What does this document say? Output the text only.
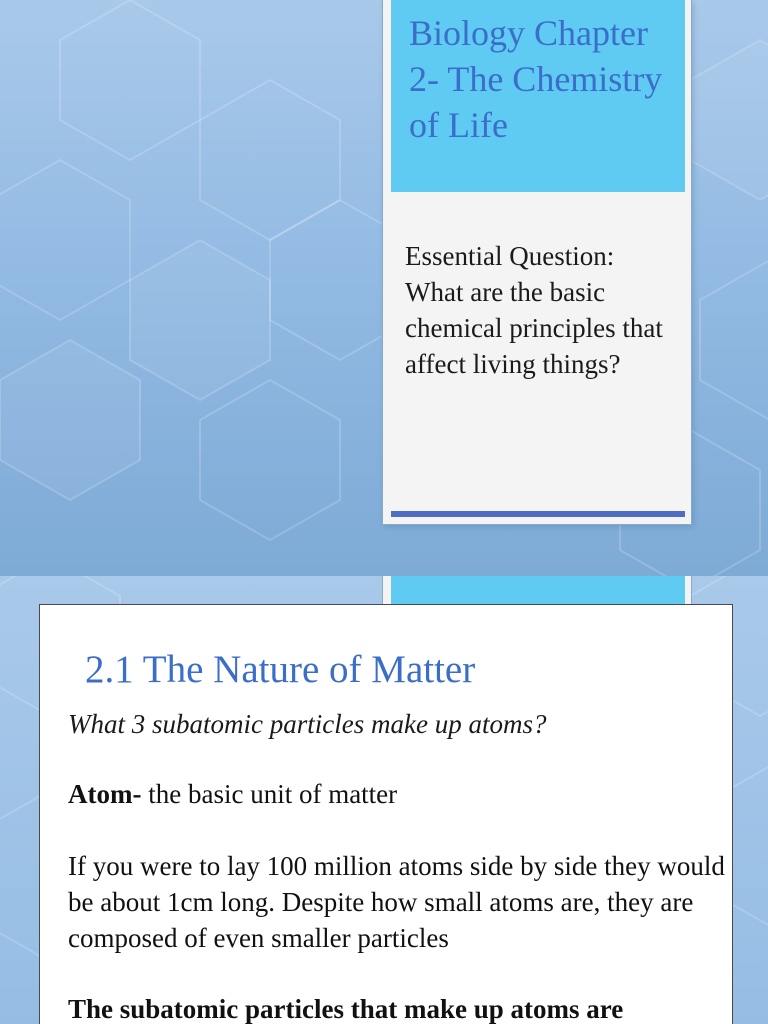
Biology Chapter 2- The Chemistry of Life
Essential Question: What are the basic chemical principles that affect living things?
2.1 The Nature of Matter
What 3 subatomic particles make up atoms?
Atom- the basic unit of matter
If you were to lay 100 million atoms side by side they would be about 1cm long. Despite how small atoms are, they are composed of even smaller particles
The subatomic particles that make up atoms are
